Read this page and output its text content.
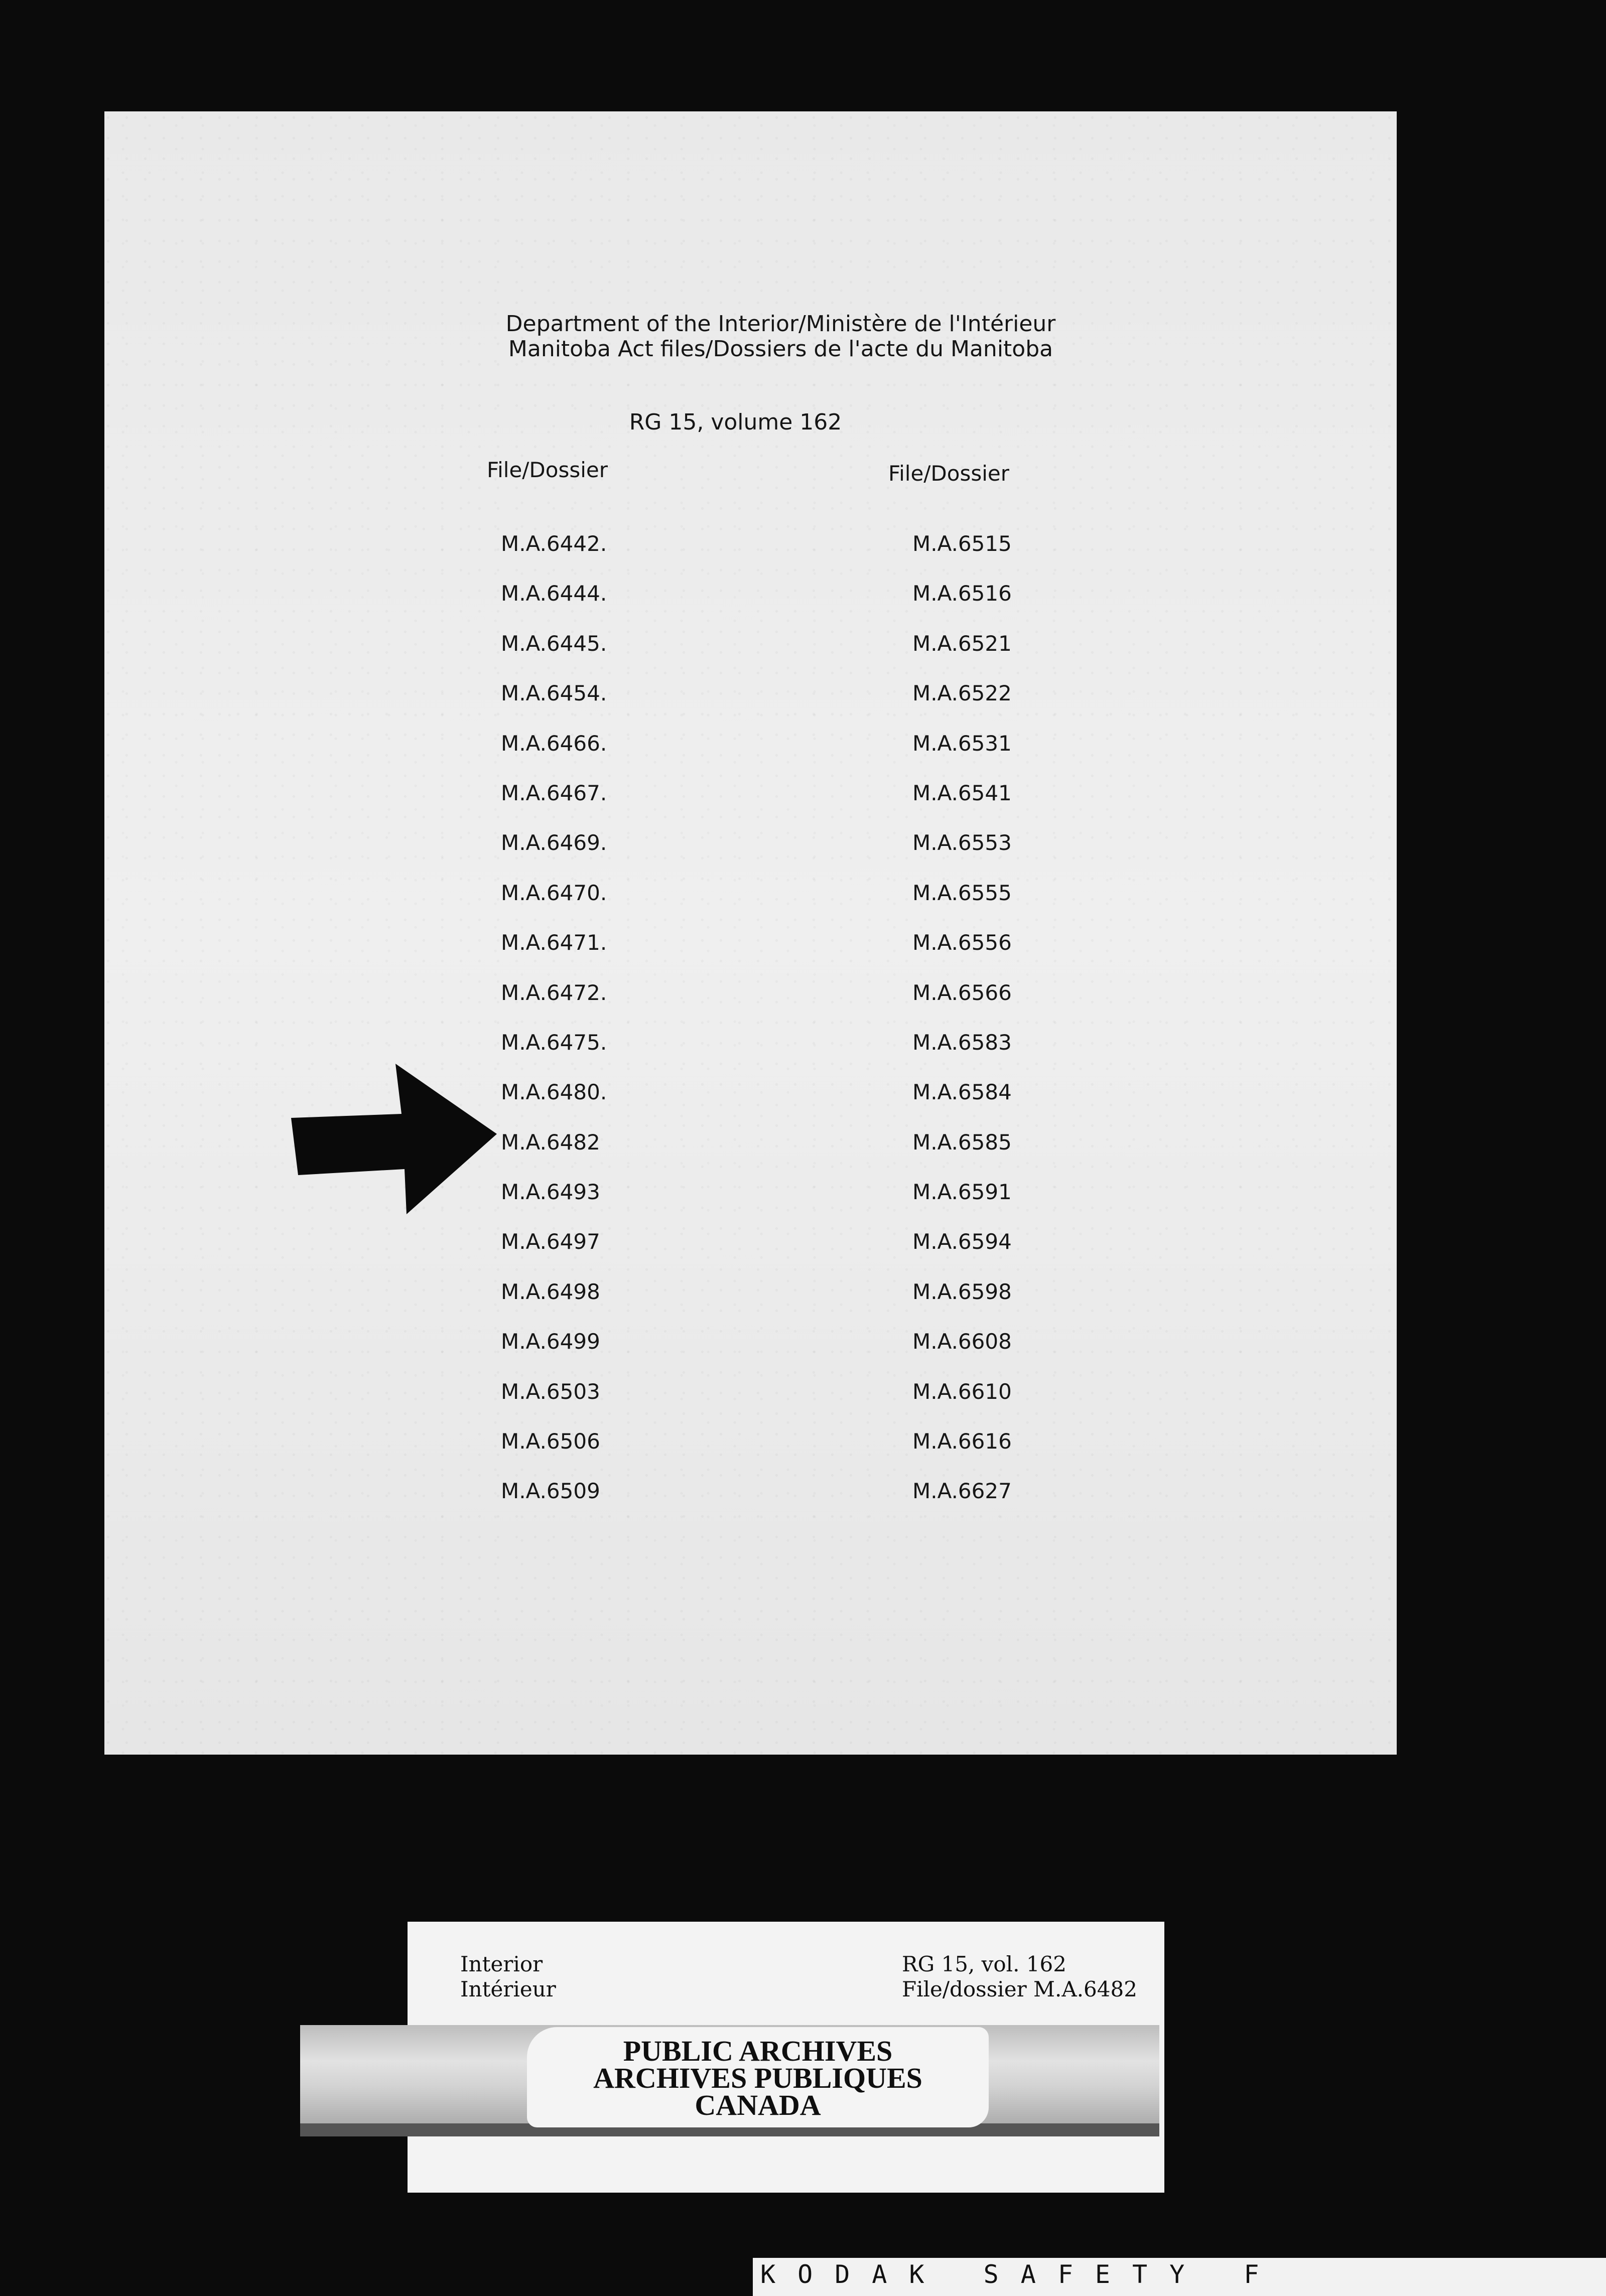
Department of the Interior/Ministère de l'Intérieur
Manitoba Act files/Dossiers de l'acte du Manitoba
RG 15, volume 162
File/Dossier	File/Dossier
M.A.6442.
M.A.6444.
M.A.6445.
M.A.6454.
M.A.6466.
M.A.6467.
M.A.6469.
M.A.6470.
M.A.6471.
M.A.6472.
M.A.6475.
M.A.6480.
M.A.6482
M.A.6493
M.A.6497
M.A.6498
M.A.6499
M.A.6503
M.A.6506
M.A.6509
M.A.6515
M.A.6516
M.A.6521
M.A.6522
M.A.6531
M.A.6541
M.A.6553
M.A.6555
M.A.6556
M.A.6566
M.A.6583
M.A.6584
M.A.6585
M.A.6591
M.A.6594
M.A.6598
M.A.6608
M.A.6610
M.A.6616
M.A.6627
Interior
Intérieur
RG 15, vol. 162
File/dossier M.A.6482
PUBLIC ARCHIVES
ARCHIVES PUBLIQUES
CANADA
KODAK SAFETY F
